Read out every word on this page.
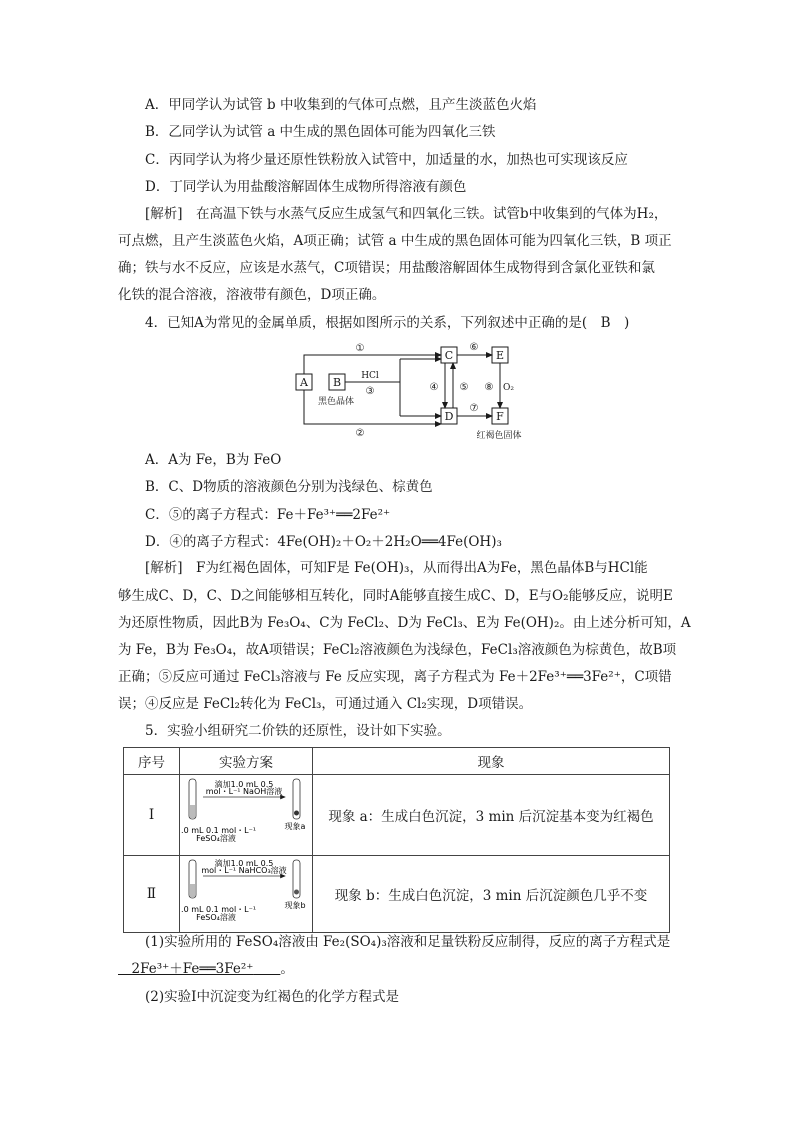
A．甲同学认为试管 b 中收集到的气体可点燃，且产生淡蓝色火焰
B．乙同学认为试管 a 中生成的黑色固体可能为四氧化三铁
C．丙同学认为将少量还原性铁粉放入试管中，加适量的水，加热也可实现该反应
D．丁同学认为用盐酸溶解固体生成物所得溶液有颜色
[解析]　在高温下铁与水蒸气反应生成氢气和四氧化三铁。试管b中收集到的气体为H₂，
可点燃，且产生淡蓝色火焰，A项正确；试管 a 中生成的黑色固体可能为四氧化三铁，B 项正
确；铁与水不反应，应该是水蒸气，C项错误；用盐酸溶解固体生成物得到含氯化亚铁和氯
化铁的混合溶液，溶液带有颜色，D项正确。
4．已知A为常见的金属单质，根据如图所示的关系，下列叙述中正确的是(　B　)
A B
C
D
E
F
①
②
HCl
③
黑色晶体
④ ⑤
⑥
⑦
⑧ O₂
红褐色固体
A．A为 Fe，B为 FeO
B．C、D物质的溶液颜色分别为浅绿色、棕黄色
C．⑤的离子方程式：Fe＋Fe³⁺══2Fe²⁺
D．④的离子方程式：4Fe(OH)₂＋O₂＋2H₂O══4Fe(OH)₃
[解析]　F为红褐色固体，可知F是 Fe(OH)₃，从而得出A为Fe，黑色晶体B与HCl能
够生成C、D，C、D之间能够相互转化，同时A能够直接生成C、D，E与O₂能够反应，说明E
为还原性物质，因此B为 Fe₃O₄、C为 FeCl₂、D为 FeCl₃、E为 Fe(OH)₂。由上述分析可知，A
为 Fe，B为 Fe₃O₄，故A项错误；FeCl₂溶液颜色为浅绿色，FeCl₃溶液颜色为棕黄色，故B项
正确；⑤反应可通过 FeCl₃溶液与 Fe 反应实现，离子方程式为 Fe＋2Fe³⁺══3Fe²⁺，C项错
误；④反应是 FeCl₂转化为 FeCl₃，可通过通入 Cl₂实现，D项错误。
5．实验小组研究二价铁的还原性，设计如下实验。
序号	实验方案	现象
Ⅰ	滴加1.0 mL 0.5
mol・L⁻¹ NaOH溶液
1.0 mL 0.1 mol・L⁻¹
FeSO₄溶液
现象a	现象 a：生成白色沉淀，3 min 后沉淀基本变为红褐色
Ⅱ	滴加1.0 mL 0.5
mol・L⁻¹ NaHCO₃溶液
1.0 mL 0.1 mol・L⁻¹
FeSO₄溶液
现象b	现象 b：生成白色沉淀，3 min 后沉淀颜色几乎不变
(1)实验所用的 FeSO₄溶液由 Fe₂(SO₄)₃溶液和足量铁粉反应制得，反应的离子方程式是
 2Fe³⁺＋Fe══3Fe²⁺   。
(2)实验Ⅰ中沉淀变为红褐色的化学方程式是
